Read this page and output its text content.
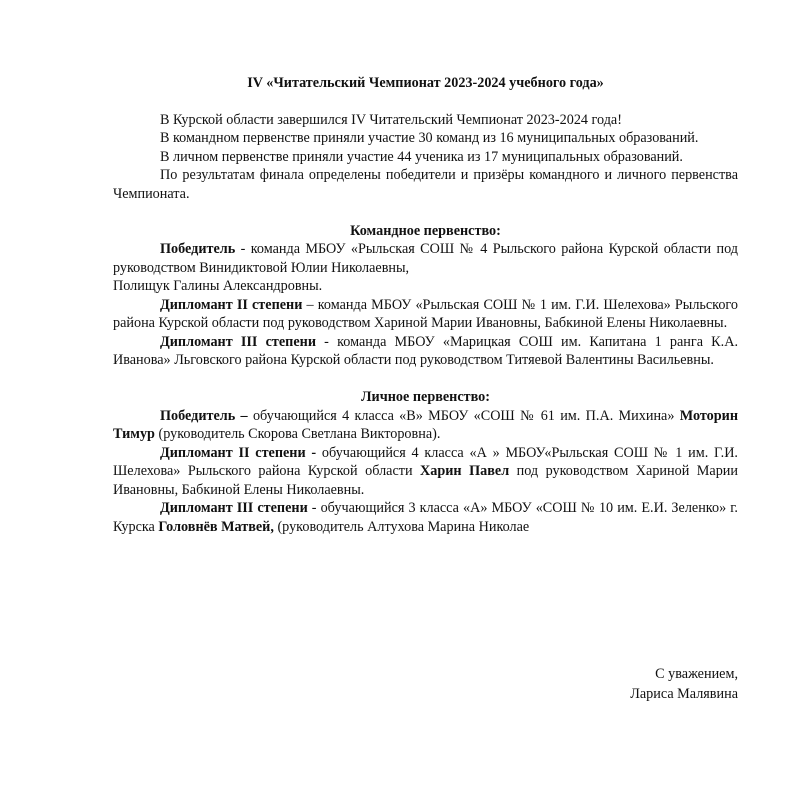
IV «Читательский Чемпионат 2023-2024 учебного года»

В Курской области завершился IV Читательский Чемпионат 2023-2024 года!

В командном первенстве приняли участие 30 команд из 16 муниципальных образований.

В личном первенстве приняли участие 44 ученика из 17 муниципальных образований.

По результатам финала определены победители и призёры командного и личного первенства Чемпионата.

Командное первенство:

Победитель - команда МБОУ «Рыльская СОШ № 4 Рыльского района Курской области под руководством Винидиктовой Юлии Николаевны,

Полищук Галины Александровны.

Дипломант II степени – команда МБОУ «Рыльская СОШ № 1 им. Г.И. Шелехова» Рыльского района Курской области под руководством Хариной Марии Ивановны, Бабкиной Елены Николаевны.

Дипломант III степени - команда МБОУ «Марицкая СОШ им. Капитана 1 ранга К.А. Иванова» Льговского района Курской области под руководством Титяевой Валентины Васильевны.

Личное первенство:

Победитель – обучающийся 4 класса «В» МБОУ «СОШ № 61 им. П.А. Михина» Моторин Тимур (руководитель Скорова Светлана Викторовна).

Дипломант II степени - обучающийся 4 класса «А » МБОУ«Рыльская СОШ № 1 им. Г.И. Шелехова» Рыльского района Курской области Харин Павел под руководством Хариной Марии Ивановны, Бабкиной Елены Николаевны.

Дипломант III степени - обучающийся 3 класса «А» МБОУ «СОШ № 10 им. Е.И. Зеленко» г. Курска Головнёв Матвей, (руководитель Алтухова Марина Николае

С уважением,
Лариса Малявина
